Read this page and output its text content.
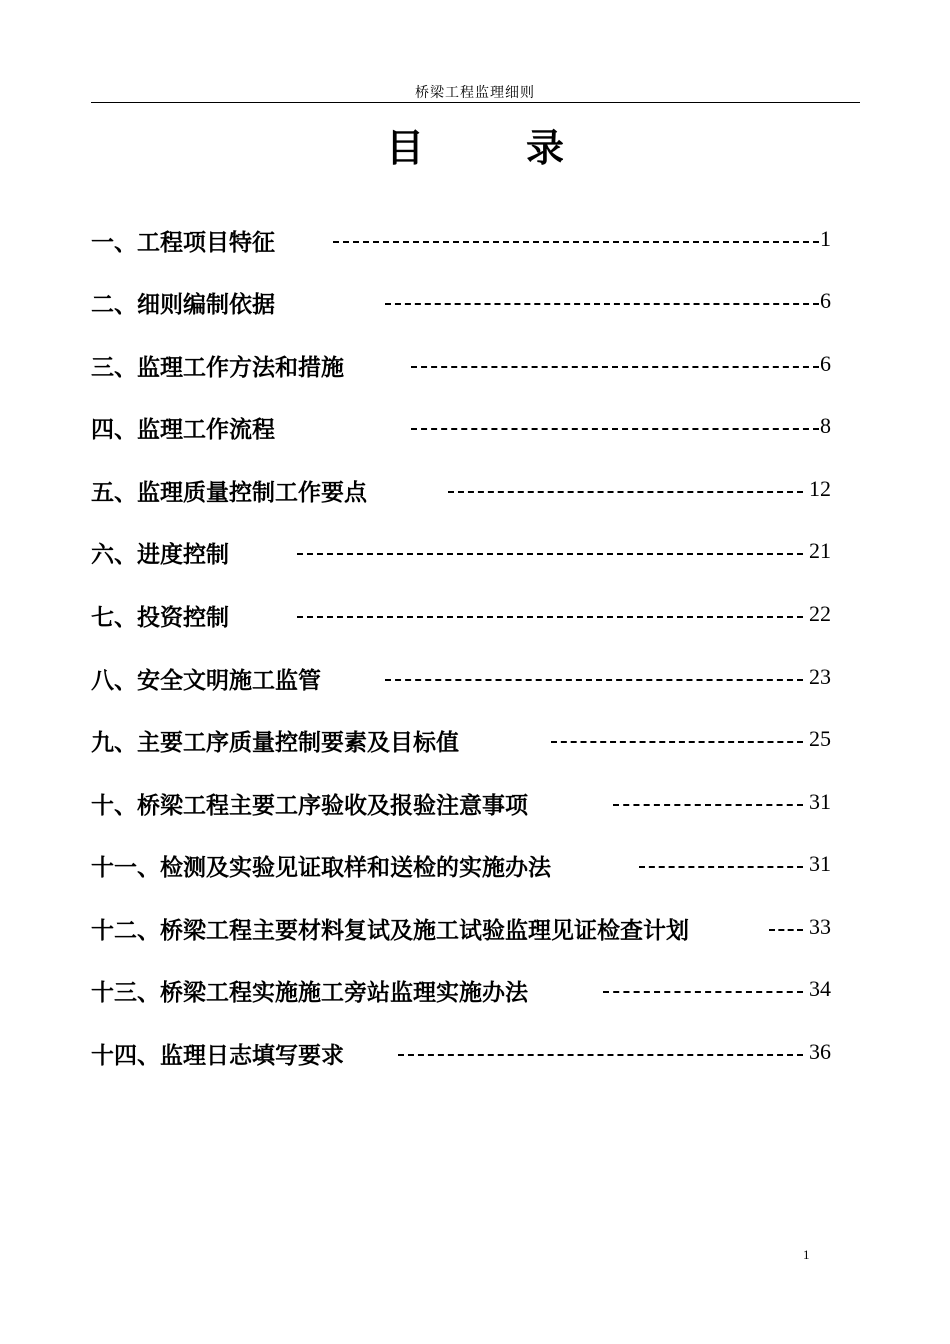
桥梁工程监理细则
目	录
一、工程项目特征	1
二、细则编制依据	6
三、监理工作方法和措施	6
四、监理工作流程	8
五、监理质量控制工作要点	12
六、进度控制	21
七、投资控制	22
八、安全文明施工监管	23
九、主要工序质量控制要素及目标值	25
十、桥梁工程主要工序验收及报验注意事项	31
十一、检测及实验见证取样和送检的实施办法	31
十二、桥梁工程主要材料复试及施工试验监理见证检查计划	33
十三、桥梁工程实施施工旁站监理实施办法	34
十四、监理日志填写要求	36
1
